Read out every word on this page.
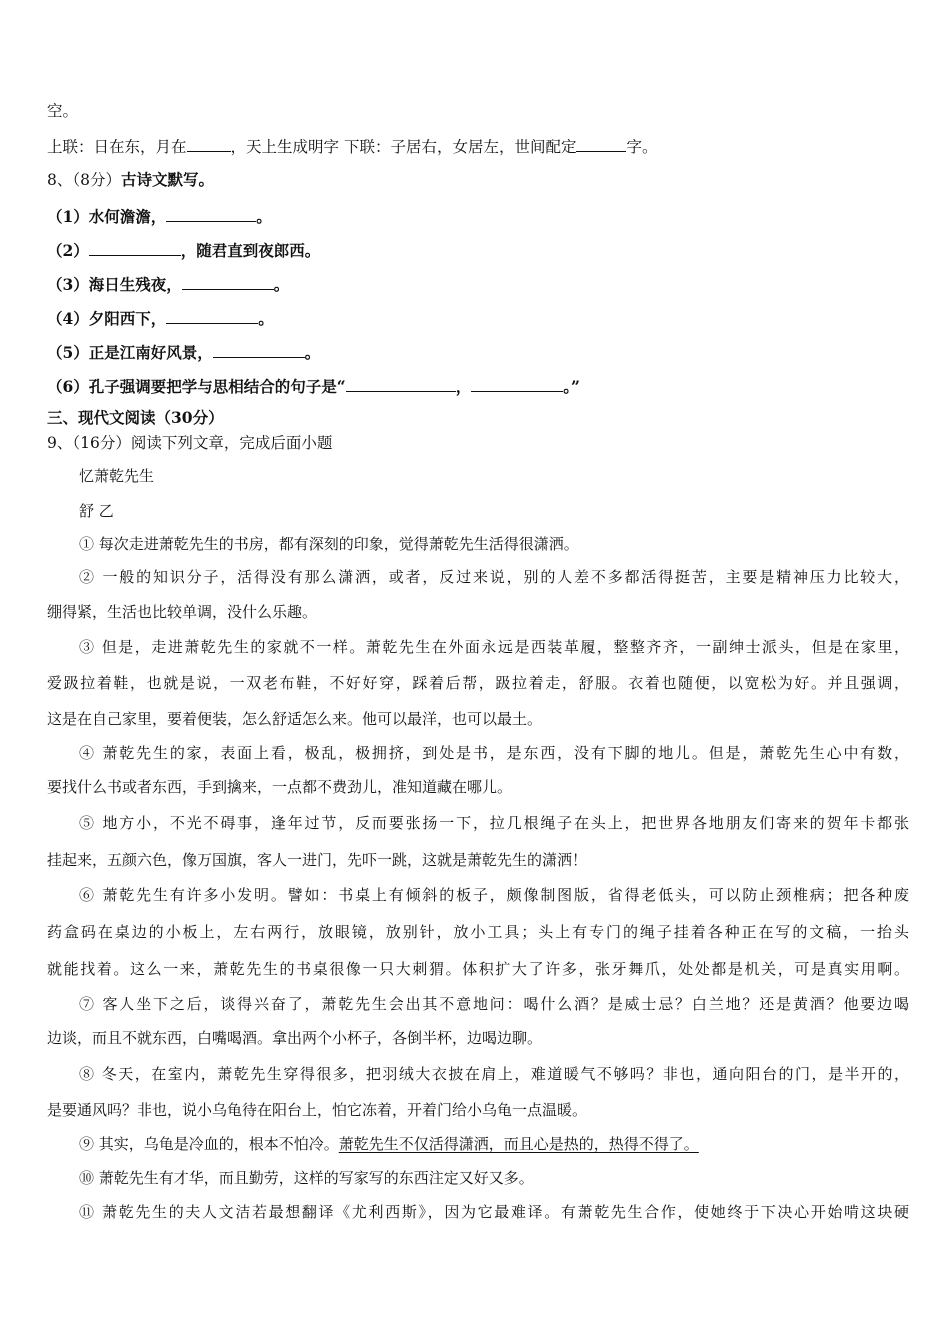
空。
上联：日在东，月在	，天上生成明字 下联：子居右，女居左，世间配定	字。
8、（8分）古诗文默写。
（1）水何澹澹，	。
（2）	，随君直到夜郎西。
（3）海日生残夜，	。
（4）夕阳西下，	。
（5）正是江南好风景，	。
（6）孔子强调要把学与思相结合的句子是“	，	。”
三、现代文阅读（30分）
9、（16分）阅读下列文章，完成后面小题
忆萧乾先生
舒 乙
① 每次走进萧乾先生的书房，都有深刻的印象，觉得萧乾先生活得很潇洒。
② 一般的知识分子，活得没有那么潇洒，或者，反过来说，别的人差不多都活得挺苦，主要是精神压力比较大，
绷得紧，生活也比较单调，没什么乐趣。
③ 但是，走进萧乾先生的家就不一样。萧乾先生在外面永远是西装革履，整整齐齐，一副绅士派头，但是在家里，
爱趿拉着鞋，也就是说，一双老布鞋，不好好穿，踩着后帮，趿拉着走，舒服。衣着也随便，以宽松为好。并且强调，
这是在自己家里，要着便装，怎么舒适怎么来。他可以最洋，也可以最土。
④ 萧乾先生的家，表面上看，极乱，极拥挤，到处是书，是东西，没有下脚的地儿。但是，萧乾先生心中有数，
要找什么书或者东西，手到擒来，一点都不费劲儿，准知道藏在哪儿。
⑤ 地方小，不光不碍事，逢年过节，反而要张扬一下，拉几根绳子在头上，把世界各地朋友们寄来的贺年卡都张
挂起来，五颜六色，像万国旗，客人一进门，先吓一跳，这就是萧乾先生的潇洒！
⑥ 萧乾先生有许多小发明。譬如：书桌上有倾斜的板子，颇像制图版，省得老低头，可以防止颈椎病；把各种废
药盒码在桌边的小板上，左右两行，放眼镜，放别针，放小工具；头上有专门的绳子挂着各种正在写的文稿，一抬头
就能找着。这么一来，萧乾先生的书桌很像一只大刺猬。体积扩大了许多，张牙舞爪，处处都是机关，可是真实用啊。
⑦ 客人坐下之后，谈得兴奋了，萧乾先生会出其不意地问：喝什么酒？是威士忌？白兰地？还是黄酒？他要边喝
边谈，而且不就东西，白嘴喝酒。拿出两个小杯子，各倒半杯，边喝边聊。
⑧ 冬天，在室内，萧乾先生穿得很多，把羽绒大衣披在肩上，难道暖气不够吗？非也，通向阳台的门，是半开的，
是要通风吗？非也，说小乌龟待在阳台上，怕它冻着，开着门给小乌龟一点温暖。
⑨ 其实，乌龟是冷血的，根本不怕冷。萧乾先生不仅活得潇洒，而且心是热的，热得不得了。
⑩ 萧乾先生有才华，而且勤劳，这样的写家写的东西注定又好又多。
⑪ 萧乾先生的夫人文洁若最想翻译《尤利西斯》，因为它最难译。有萧乾先生合作，使她终于下决心开始啃这块硬
